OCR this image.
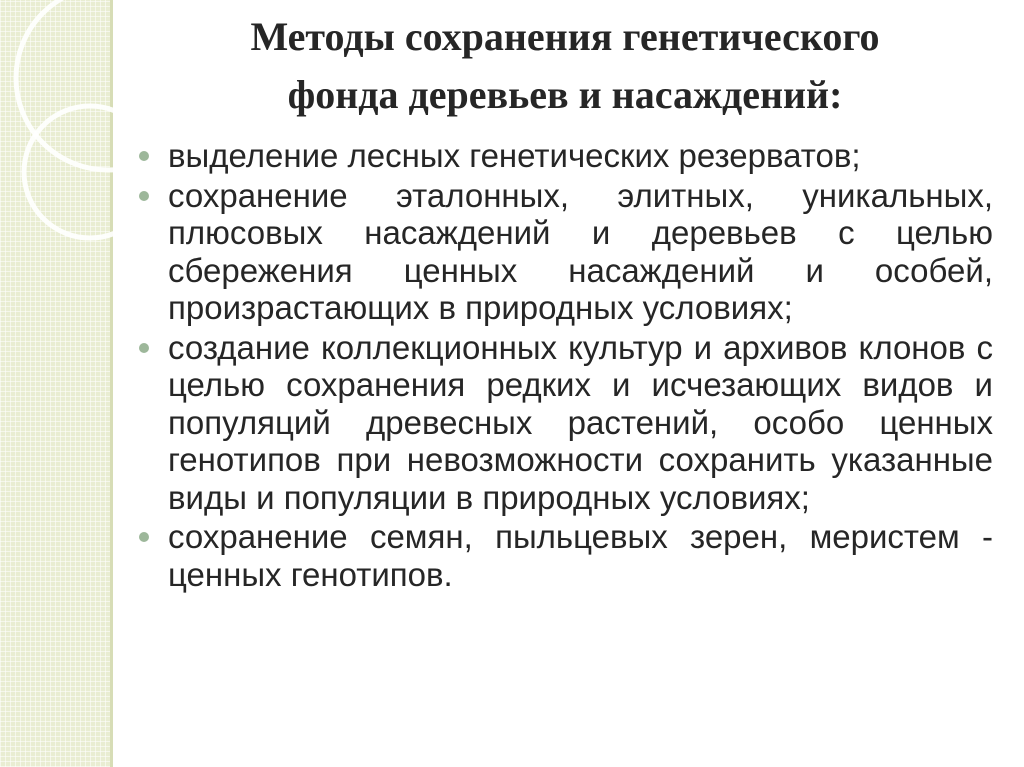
Методы сохранения генетического
фонда деревьев и насаждений:
выделение лесных генетических резерватов;
сохранение эталонных, элитных, уникальных, плюсовых насаждений и деревьев с целью сбережения ценных насаждений и особей, произрастающих в природных условиях;
создание коллекционных культур и архивов клонов с целью сохранения редких и исчезающих видов и популяций древесных растений, особо ценных генотипов при невозможности сохранить указанные виды и популяции в природных условиях;
сохранение семян, пыльцевых зерен, меристем - ценных генотипов.
